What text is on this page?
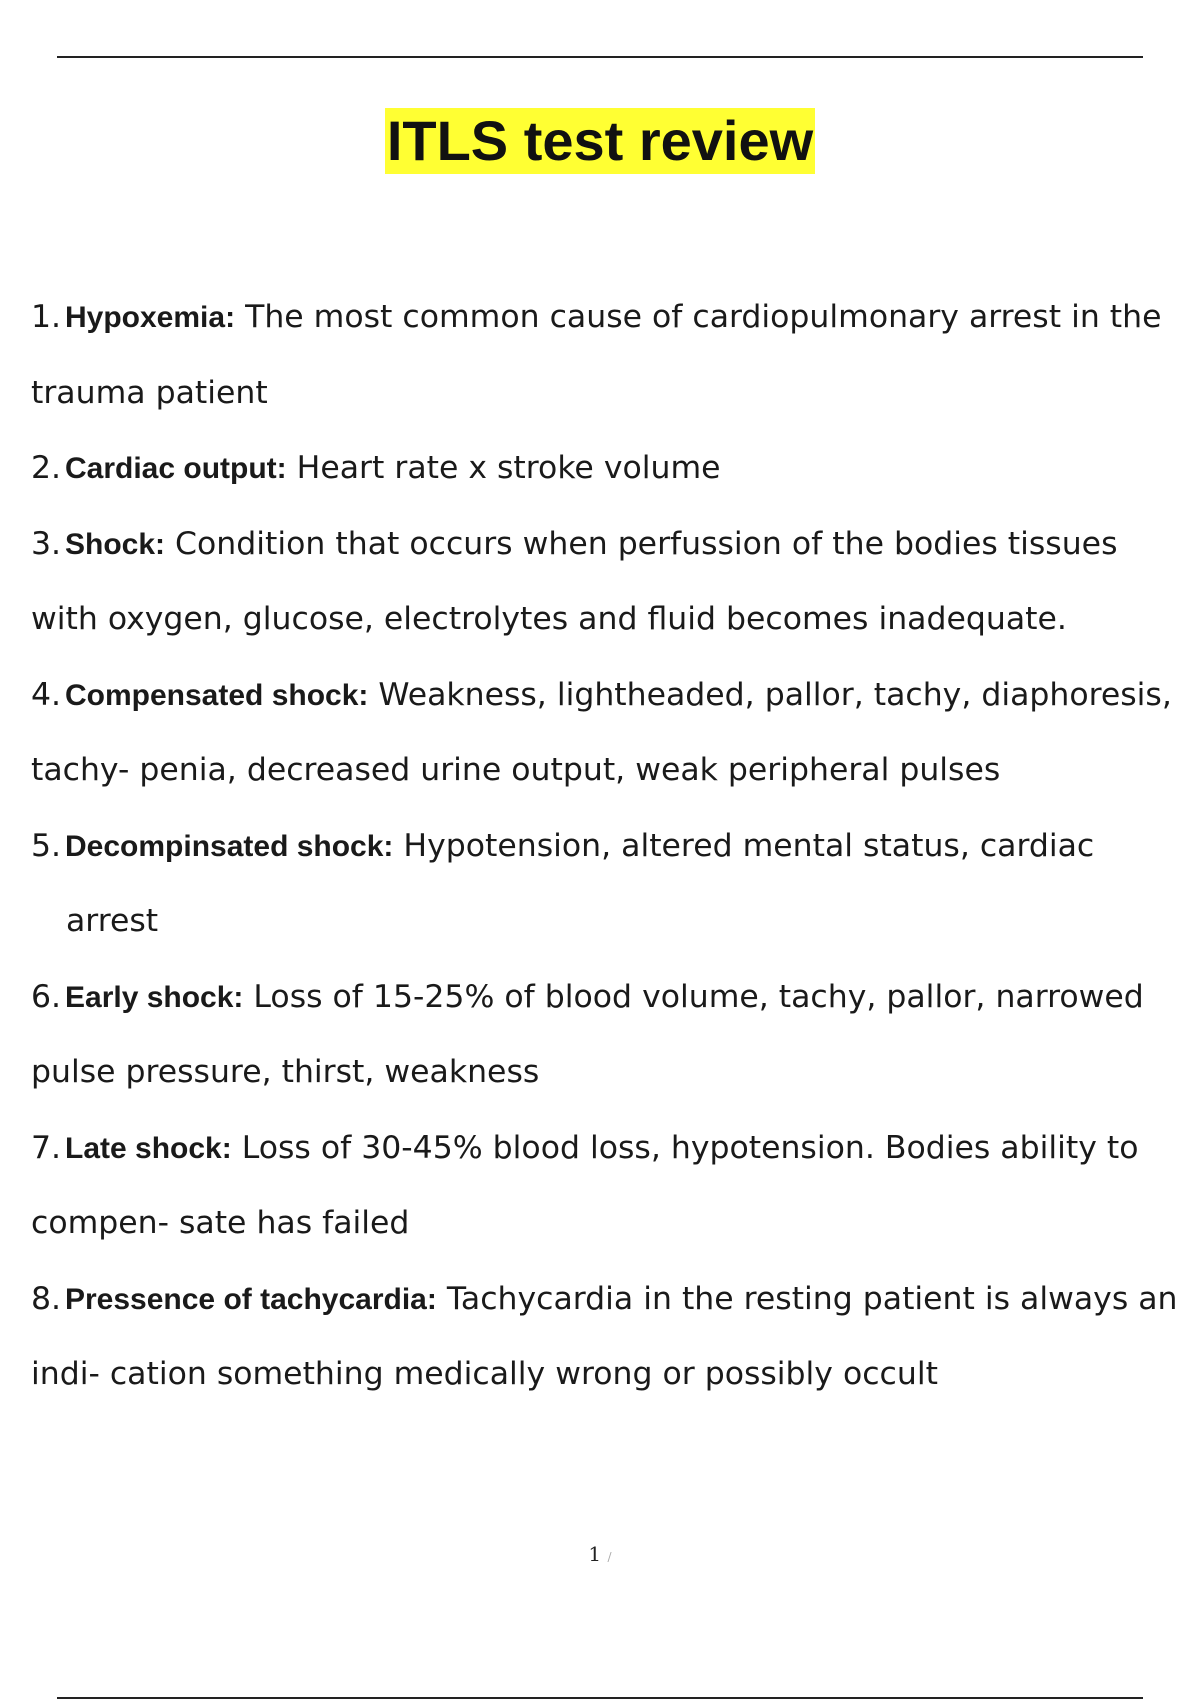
ITLS test review
1. Hypoxemia: The most common cause of cardiopulmonary arrest in the trauma patient
2. Cardiac output: Heart rate x stroke volume
3. Shock: Condition that occurs when perfussion of the bodies tissues with oxygen, glucose, electrolytes and fluid becomes inadequate.
4. Compensated shock: Weakness, lightheaded, pallor, tachy, diaphoresis, tachy- penia, decreased urine output, weak peripheral pulses
5. Decompinsated shock: Hypotension, altered mental status, cardiac
arrest
6. Early shock: Loss of 15-25% of blood volume, tachy, pallor, narrowed pulse pressure, thirst, weakness
7. Late shock: Loss of 30-45% blood loss, hypotension. Bodies ability to compen- sate has failed
8. Pressence of tachycardia: Tachycardia in the resting patient is always an indi- cation something medically wrong or possibly occult
1 /
